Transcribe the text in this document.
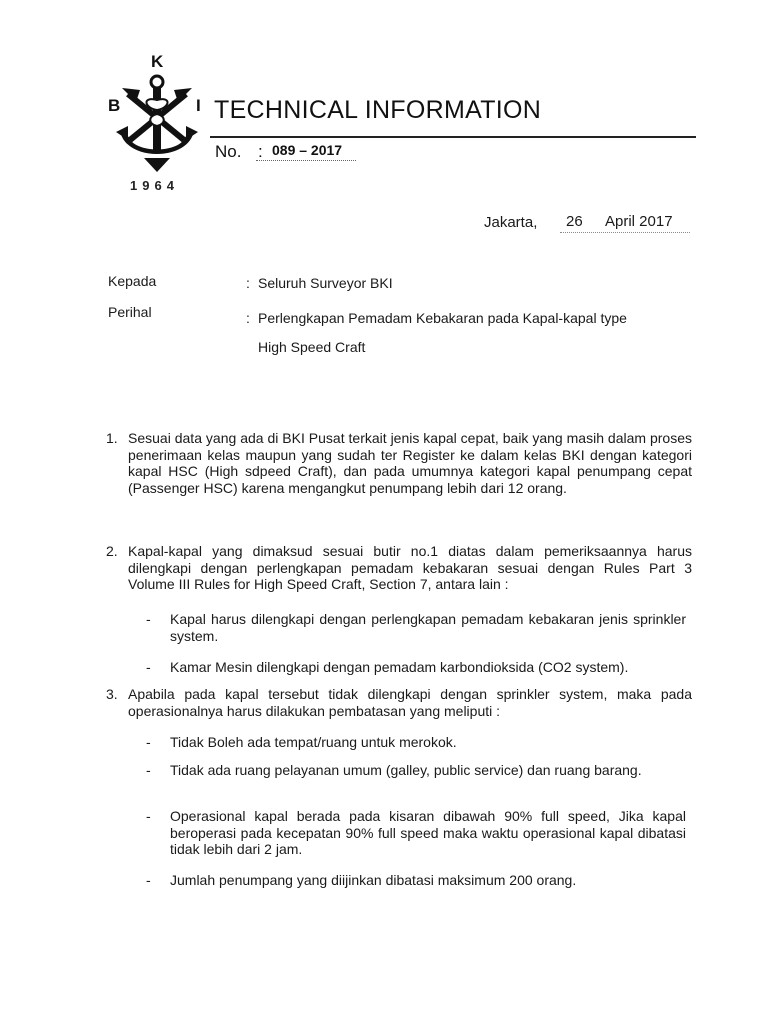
K
B	I
1964
TECHNICAL INFORMATION
No. : 089 – 2017
Jakarta, 26 April 2017
Kepada	: Seluruh Surveyor BKI
Perihal	: Perlengkapan Pemadam Kebakaran pada Kapal-kapal type
High Speed Craft
1. Sesuai data yang ada di BKI Pusat terkait jenis kapal cepat, baik yang masih dalam proses penerimaan kelas maupun yang sudah ter Register ke dalam kelas BKI dengan kategori kapal HSC (High sdpeed Craft), dan pada umumnya kategori kapal penumpang cepat (Passenger HSC) karena mengangkut penumpang lebih dari 12 orang.
2. Kapal-kapal yang dimaksud sesuai butir no.1 diatas dalam pemeriksaannya harus dilengkapi dengan perlengkapan pemadam kebakaran sesuai dengan Rules Part 3 Volume III Rules for High Speed Craft, Section 7, antara lain :
- Kapal harus dilengkapi dengan perlengkapan pemadam kebakaran jenis sprinkler system.
- Kamar Mesin dilengkapi dengan pemadam karbondioksida (CO2 system).
3. Apabila pada kapal tersebut tidak dilengkapi dengan sprinkler system, maka pada operasionalnya harus dilakukan pembatasan yang meliputi :
- Tidak Boleh ada tempat/ruang untuk merokok.
- Tidak ada ruang pelayanan umum (galley, public service) dan ruang barang.
- Operasional kapal berada pada kisaran dibawah 90% full speed, Jika kapal beroperasi pada kecepatan 90% full speed maka waktu operasional kapal dibatasi tidak lebih dari 2 jam.
- Jumlah penumpang yang diijinkan dibatasi maksimum 200 orang.
